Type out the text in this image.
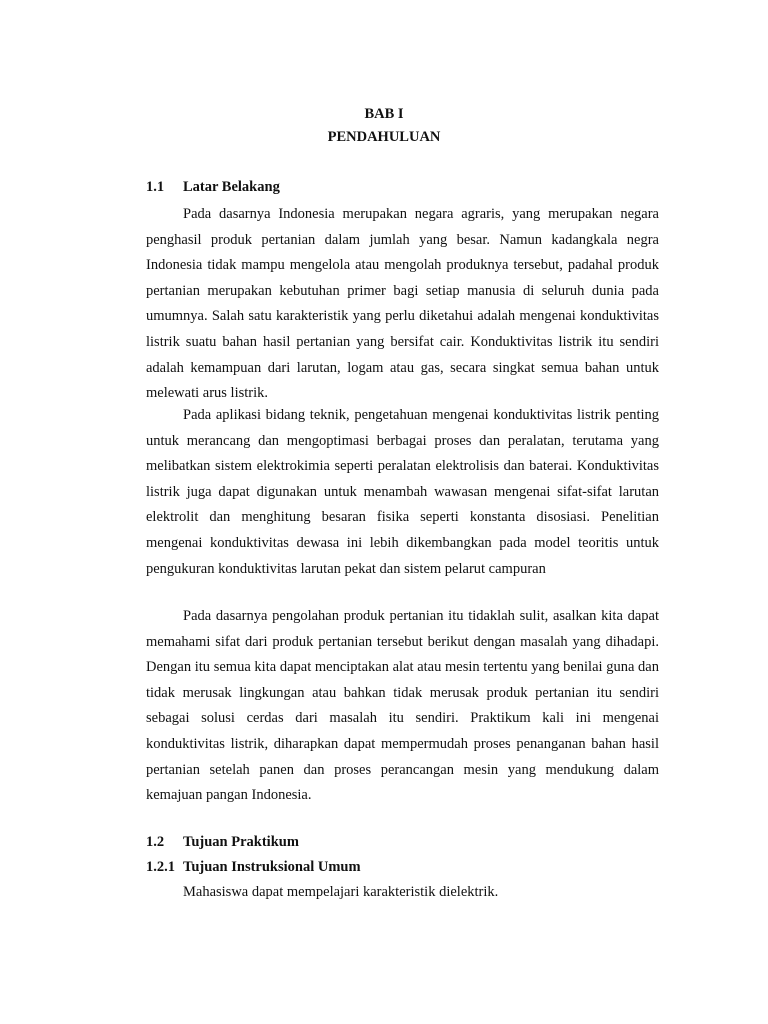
BAB I
PENDAHULUAN
1.1 Latar Belakang

Pada dasarnya Indonesia merupakan negara agraris, yang merupakan negara penghasil produk pertanian dalam jumlah yang besar. Namun kadangkala negra Indonesia tidak mampu mengelola atau mengolah produknya tersebut, padahal produk pertanian merupakan kebutuhan primer bagi setiap manusia di seluruh dunia pada umumnya. Salah satu karakteristik yang perlu diketahui adalah mengenai konduktivitas listrik suatu bahan hasil pertanian yang bersifat cair. Konduktivitas listrik itu sendiri adalah kemampuan dari larutan, logam atau gas, secara singkat semua bahan untuk melewati arus listrik.

Pada aplikasi bidang teknik, pengetahuan mengenai konduktivitas listrik penting untuk merancang dan mengoptimasi berbagai proses dan peralatan, terutama yang melibatkan sistem elektrokimia seperti peralatan elektrolisis dan baterai. Konduktivitas listrik juga dapat digunakan untuk menambah wawasan mengenai sifat-sifat larutan elektrolit dan menghitung besaran fisika seperti konstanta disosiasi. Penelitian mengenai konduktivitas dewasa ini lebih dikembangkan pada model teoritis untuk pengukuran konduktivitas larutan pekat dan sistem pelarut campuran

Pada dasarnya pengolahan produk pertanian itu tidaklah sulit, asalkan kita dapat memahami sifat dari produk pertanian tersebut berikut dengan masalah yang dihadapi. Dengan itu semua kita dapat menciptakan alat atau mesin tertentu yang benilai guna dan tidak merusak lingkungan atau bahkan tidak merusak produk pertanian itu sendiri sebagai solusi cerdas dari masalah itu sendiri. Praktikum kali ini mengenai konduktivitas listrik, diharapkan dapat mempermudah proses penanganan bahan hasil pertanian setelah panen dan proses perancangan mesin yang mendukung dalam kemajuan pangan Indonesia.

1.2 Tujuan Praktikum
1.2.1 Tujuan Instruksional Umum

Mahasiswa dapat mempelajari karakteristik dielektrik.
